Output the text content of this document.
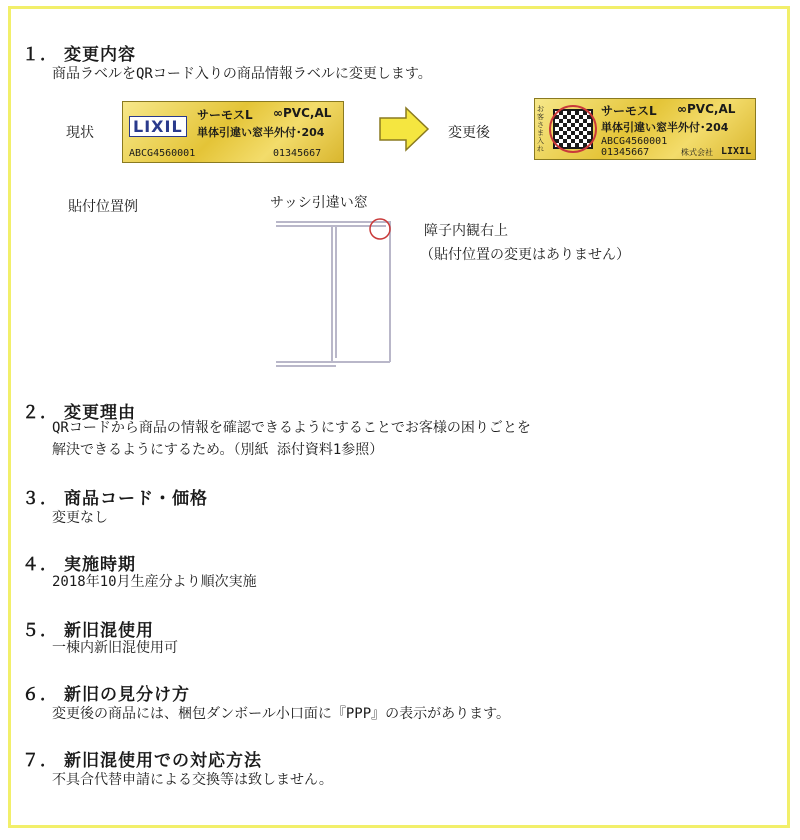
１． 変更内容
商品ラベルをQRコード入りの商品情報ラベルに変更します。
現状 LIXIL
サーモスL ∞PVC,AL
単体引違い窓半外付･204
ABCG4560001	01345667
変更後
お客さま入れ
サーモスL ∞PVC,AL
単体引違い窓半外付･204
ABCG4560001
01345667	株式会社 LIXIL
貼付位置例	サッシ引違い窓
障子内観右上
（貼付位置の変更はありません）
２． 変更理由
QRコードから商品の情報を確認できるようにすることでお客様の困りごとを
解決できるようにするため。（別紙 添付資料1参照）
３． 商品コード・価格
変更なし
４． 実施時期
2018年10月生産分より順次実施
５． 新旧混使用
一棟内新旧混使用可
６． 新旧の見分け方
変更後の商品には、梱包ダンボール小口面に『PPP』の表示があります。
７． 新旧混使用での対応方法
不具合代替申請による交換等は致しません。
